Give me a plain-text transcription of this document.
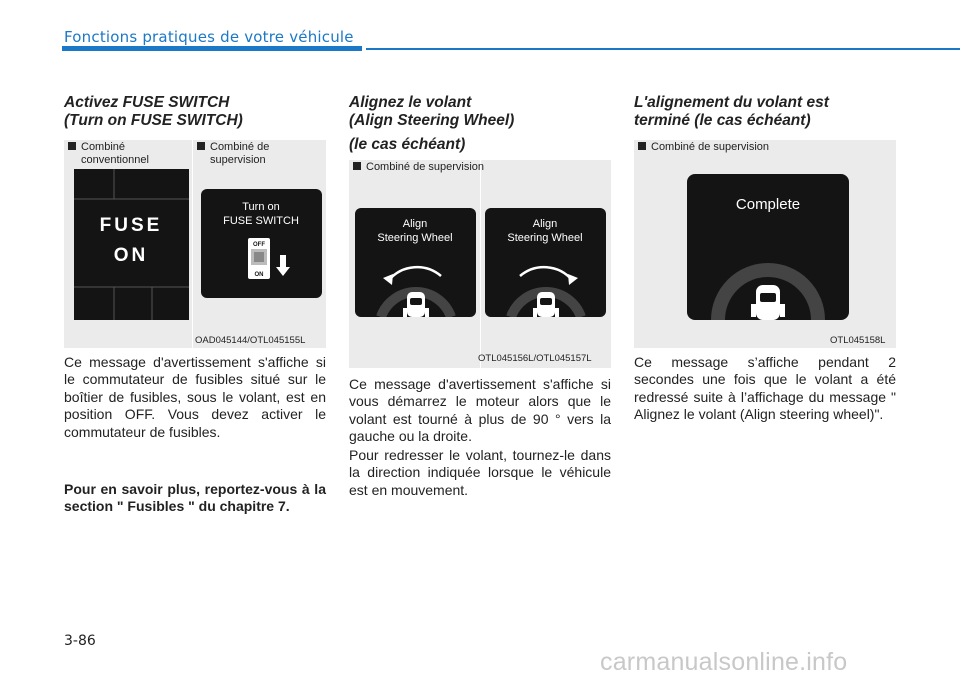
Fonctions pratiques de votre véhicule
Activez FUSE SWITCH
(Turn on FUSE SWITCH)
Combiné
conventionnel
Combiné de
supervision
FUSE
ON
Turn on
FUSE SWITCH
OFF
ON
OAD045144/OTL045155L
Ce message d'avertissement s'affiche si le commutateur de fusibles situé sur le boîtier de fusibles, sous le volant, est en position OFF. Vous devez activer le commutateur de fusibles.
Pour en savoir plus, reportez-vous à la section " Fusibles " du chapitre 7.
Alignez le volant
(Align Steering Wheel)
(le cas échéant)
Combiné de supervision
Align
Steering Wheel
Align
Steering Wheel
OTL045156L/OTL045157L
Ce message d'avertissement s'affiche si vous démarrez le moteur alors que le volant est tourné à plus de 90 ° vers la gauche ou la droite.
Pour redresser le volant, tournez-le dans la direction indiquée lorsque le véhicule est en mouvement.
L'alignement du volant est
terminé (le cas échéant)
Combiné de supervision
Complete
OTL045158L
Ce message s’affiche pendant 2 secondes une fois que le volant a été redressé suite à l’affichage du message " Alignez le volant (Align steering wheel)".
3-86
carmanualsonline.info
